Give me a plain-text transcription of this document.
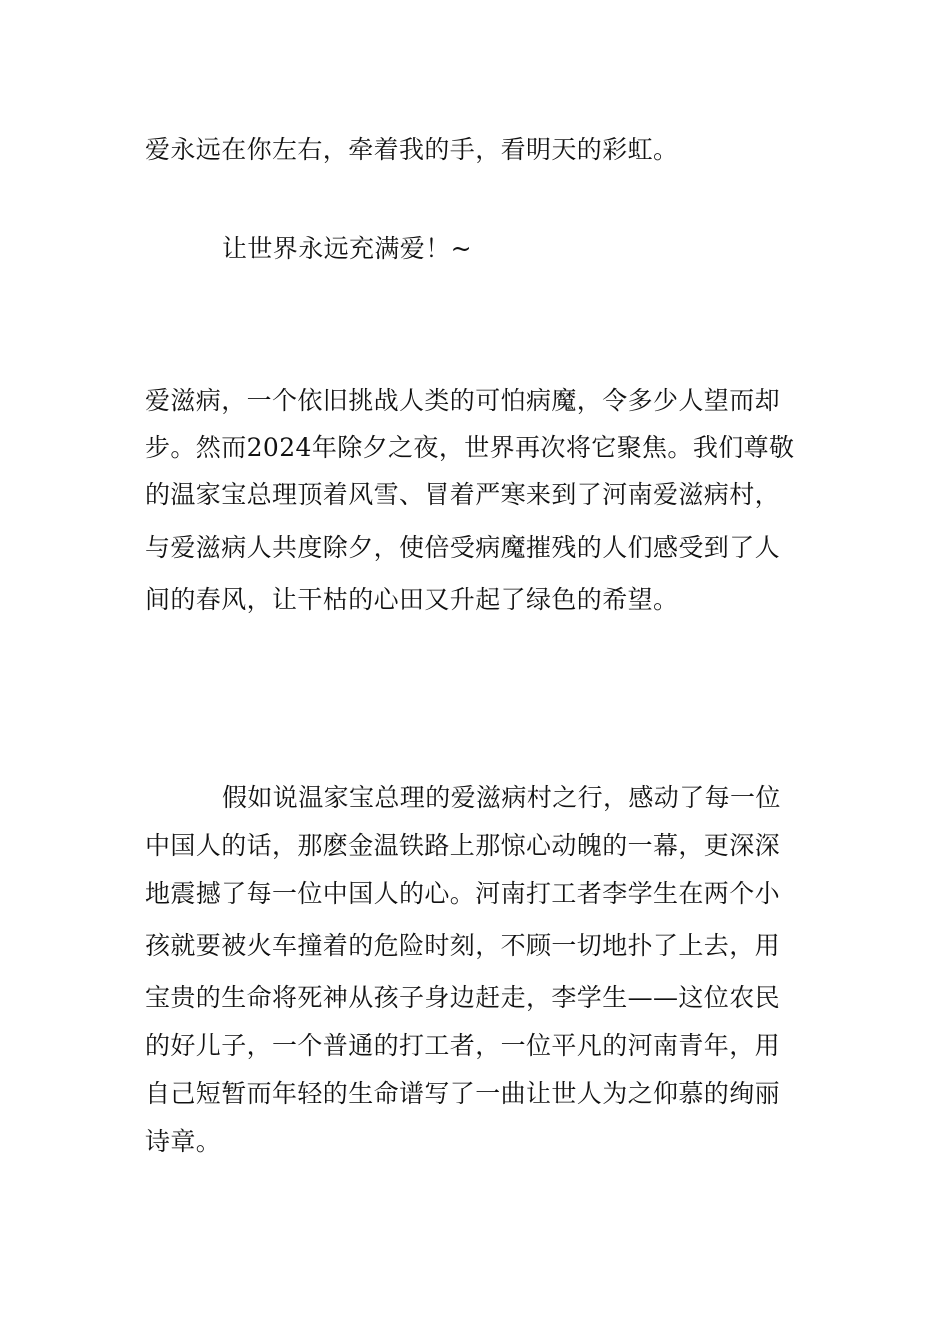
爱永远在你左右，牵着我的手，看明天的彩虹。
让世界永远充满爱！~
爱滋病，一个依旧挑战人类的可怕病魔，令多少人望而却
步。然而2024年除夕之夜，世界再次将它聚焦。我们尊敬
的温家宝总理顶着风雪、冒着严寒来到了河南爱滋病村，
与爱滋病人共度除夕，使倍受病魔摧残的人们感受到了人
间的春风，让干枯的心田又升起了绿色的希望。
假如说温家宝总理的爱滋病村之行，感动了每一位
中国人的话，那麽金温铁路上那惊心动魄的一幕，更深深
地震撼了每一位中国人的心。河南打工者李学生在两个小
孩就要被火车撞着的危险时刻，不顾一切地扑了上去，用
宝贵的生命将死神从孩子身边赶走，李学生——这位农民
的好儿子，一个普通的打工者，一位平凡的河南青年，用
自己短暂而年轻的生命谱写了一曲让世人为之仰慕的绚丽
诗章。
